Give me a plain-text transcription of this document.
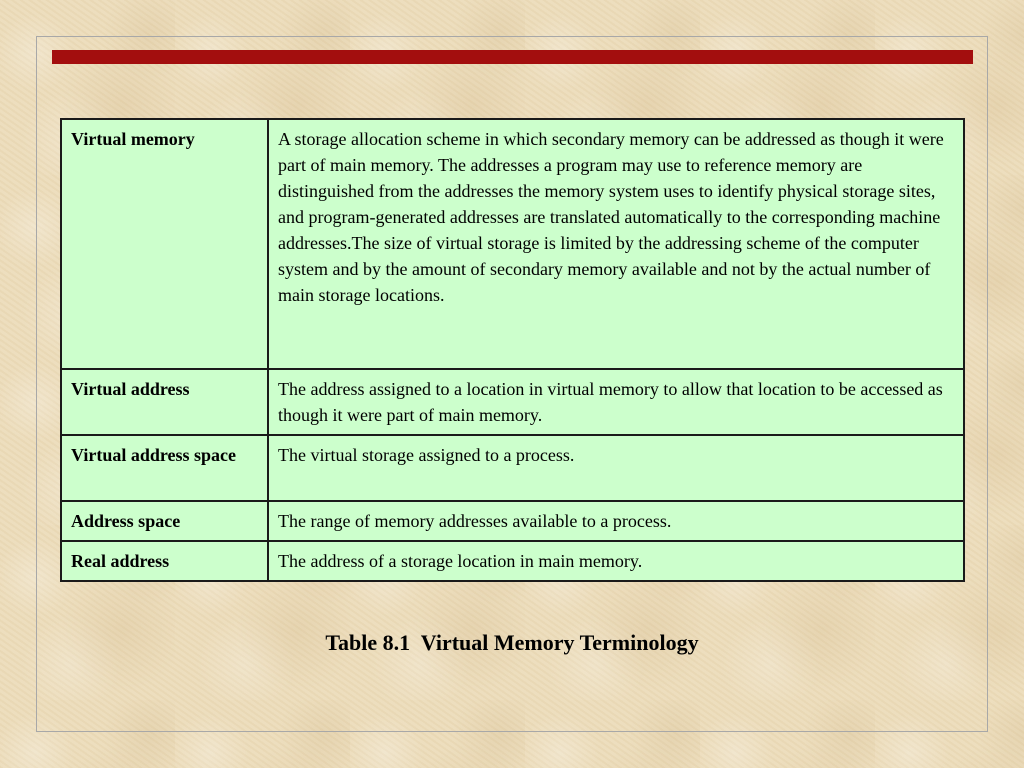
Virtual memory	A storage allocation scheme in which secondary memory can be addressed as though it were part of main memory. The addresses a program may use to reference memory are distinguished from the addresses the memory system uses to identify physical storage sites, and program-generated addresses are translated automatically to the corresponding machine addresses.The size of virtual storage is limited by the addressing scheme of the computer system and by the amount of secondary memory available and not by the actual number of main storage locations.
Virtual address	The address assigned to a location in virtual memory to allow that location to be accessed as though it were part of main memory.
Virtual address space	The virtual storage assigned to a process.
Address space	The range of memory addresses available to a process.
Real address	The address of a storage location in main memory.
Table 8.1  Virtual Memory Terminology
